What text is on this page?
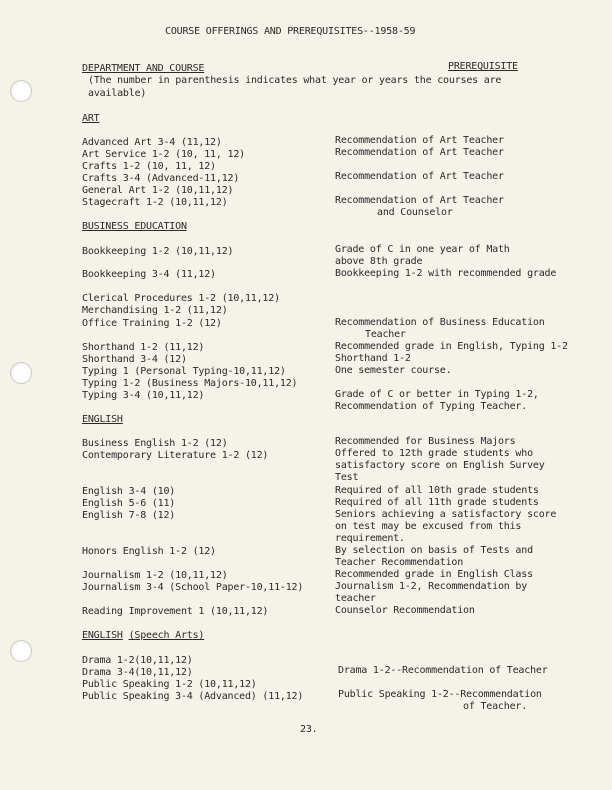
COURSE OFFERINGS AND PREREQUISITES--1958-59
DEPARTMENT AND COURSE	PREREQUISITE
(The number in parenthesis indicates what year or years the courses are
available)
ART
Advanced Art 3-4 (11,12)
Art Service 1-2 (10, 11, 12)
Crafts 1-2 (10, 11, 12)
Crafts 3-4 (Advanced-11,12)
General Art 1-2 (10,11,12)
Stagecraft 1-2 (10,11,12)
Recommendation of Art Teacher
Recommendation of Art Teacher
Recommendation of Art Teacher
Recommendation of Art Teacher
and Counselor
BUSINESS EDUCATION
Bookkeeping 1-2 (10,11,12)
Bookkeeping 3-4 (11,12)
Clerical Procedures 1-2 (10,11,12)
Merchandising 1-2 (11,12)
Office Training 1-2 (12)
Shorthand 1-2 (11,12)
Shorthand 3-4 (12)
Typing 1 (Personal Typing-10,11,12)
Typing 1-2 (Business Majors-10,11,12)
Typing 3-4 (10,11,12)
Grade of C in one year of Math
above 8th grade
Bookkeeping 1-2 with recommended grade
Recommendation of Business Education
Teacher
Recommended grade in English, Typing 1-2
Shorthand 1-2
One semester course.
Grade of C or better in Typing 1-2,
Recommendation of Typing Teacher.
ENGLISH
Business English 1-2 (12)
Contemporary Literature 1-2 (12)
English 3-4 (10)
English 5-6 (11)
English 7-8 (12)
Honors English 1-2 (12)
Journalism 1-2 (10,11,12)
Journalism 3-4 (School Paper-10,11-12)
Reading Improvement 1 (10,11,12)
Recommended for Business Majors
Offered to 12th grade students who
satisfactory score on English Survey
Test
Required of all 10th grade students
Required of all 11th grade students
Seniors achieving a satisfactory score
on test may be excused from this
requirement.
By selection on basis of Tests and
Teacher Recommendation
Recommended grade in English Class
Journalism 1-2, Recommendation by
teacher
Counselor Recommendation
ENGLISH (Speech Arts)
Drama 1-2(10,11,12)
Drama 3-4(10,11,12)
Public Speaking 1-2 (10,11,12)
Public Speaking 3-4 (Advanced) (11,12)
Drama 1-2--Recommendation of Teacher
Public Speaking 1-2--Recommendation
of Teacher.
23.
